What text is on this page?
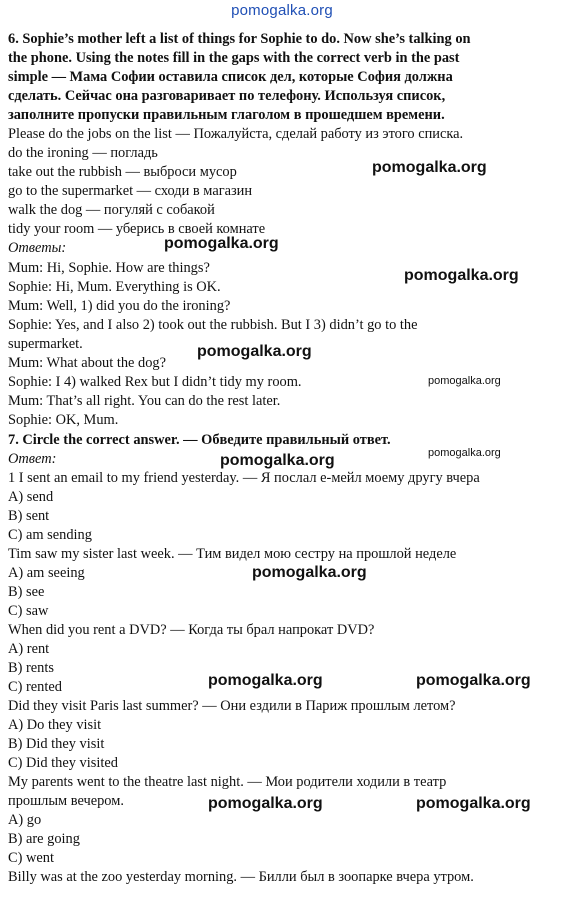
pomogalka.org
6. Sophie’s mother left a list of things for Sophie to do. Now she’s talking on
the phone. Using the notes fill in the gaps with the correct verb in the past
simple — Мама Софии оставила список дел, которые София должна
сделать. Сейчас она разговаривает по телефону. Используя список,
заполните пропуски правильным глаголом в прошедшем времени.
Please do the jobs on the list — Пожалуйста, сделай работу из этого списка.
do the ironing — погладь
take out the rubbish — выброси мусор
go to the supermarket — сходи в магазин
walk the dog — погуляй с собакой
tidy your room — уберись в своей комнате
Ответы:
Mum: Hi, Sophie. How are things?
Sophie: Hi, Mum. Everything is OK.
Mum: Well, 1) did you do the ironing?
Sophie: Yes, and I also 2) took out the rubbish. But I 3) didn’t go to the
supermarket.
Mum: What about the dog?
Sophie: I 4) walked Rex but I didn’t tidy my room.
Mum: That’s all right. You can do the rest later.
Sophie: OK, Mum.
7. Circle the correct answer. — Обведите правильный ответ.
Ответ:
1 I sent an email to my friend yesterday. — Я послал е-мейл моему другу вчера
A) send
B) sent
C) am sending
Tim saw my sister last week. — Тим видел мою сестру на прошлой неделе
A) am seeing
B) see
C) saw
When did you rent a DVD? — Когда ты брал напрокат DVD?
A) rent
B) rents
C) rented
Did they visit Paris last summer? — Они ездили в Париж прошлым летом?
A) Do they visit
B) Did they visit
C) Did they visited
My parents went to the theatre last night. — Мои родители ходили в театр
прошлым вечером.
A) go
B) are going
C) went
Billy was at the zoo yesterday morning. — Билли был в зоопарке вчера утром.
pomogalka.org
pomogalka.org
pomogalka.org
pomogalka.org
pomogalka.org
pomogalka.org
pomogalka.org
pomogalka.org
pomogalka.org	pomogalka.org
pomogalka.org	pomogalka.org
